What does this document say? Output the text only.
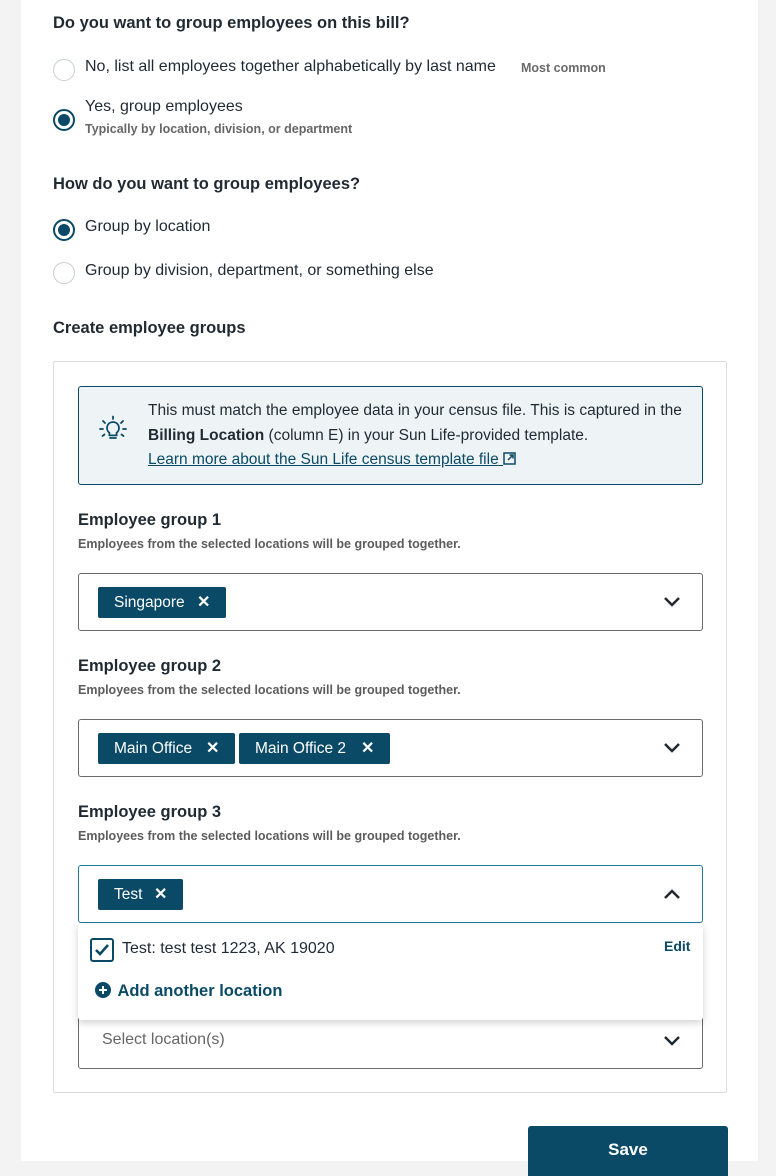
Do you want to group employees on this bill?
No, list all employees together alphabetically by last name Most common
Yes, group employees
Typically by location, division, or department
How do you want to group employees?
Group by location
Group by division, department, or something else
Create employee groups
This must match the employee data in your census file. This is captured in the Billing Location (column E) in your Sun Life-provided template.
Learn more about the Sun Life census template file
Employee group 1
Employees from the selected locations will be grouped together.
Singapore ✕
Employee group 2
Employees from the selected locations will be grouped together.
Main Office ✕	Main Office 2 ✕
Employee group 3
Employees from the selected locations will be grouped together.
Select location(s)
Test ✕
Test: test test 1223, AK 19020	Edit
Add another location
Save
